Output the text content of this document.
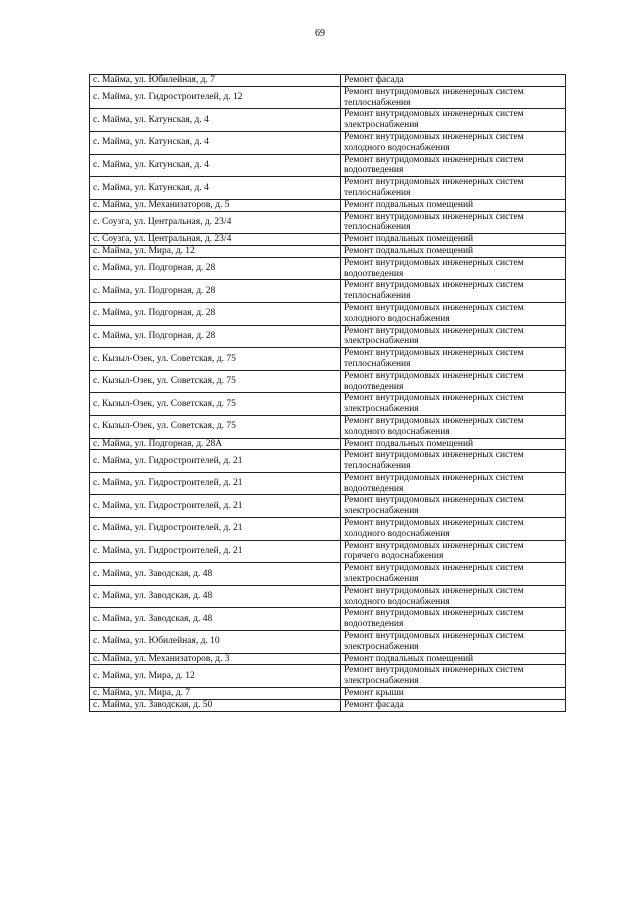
69
с. Майма, ул. Юбилейная, д. 7	Ремонт фасада

с. Майма, ул. Гидростроителей, д. 12	Ремонт внутридомовых инженерных систем
теплоснабжения

с. Майма, ул. Катунская, д. 4	Ремонт внутридомовых инженерных систем
электроснабжения

с. Майма, ул. Катунская, д. 4	Ремонт внутридомовых инженерных систем
холодного водоснабжения

с. Майма, ул. Катунская, д. 4	Ремонт внутридомовых инженерных систем
водоотведения

с. Майма, ул. Катунская, д. 4	Ремонт внутридомовых инженерных систем
теплоснабжения

с. Майма, ул. Механизаторов, д. 5	Ремонт подвальных помещений

с. Соузга, ул. Центральная, д. 23/4	Ремонт внутридомовых инженерных систем
теплоснабжения

с. Соузга, ул. Центральная, д. 23/4	Ремонт подвальных помещений

с. Майма, ул. Мира, д. 12	Ремонт подвальных помещений

с. Майма, ул. Подгорная, д. 28	Ремонт внутридомовых инженерных систем
водоотведения

с. Майма, ул. Подгорная, д. 28	Ремонт внутридомовых инженерных систем
теплоснабжения

с. Майма, ул. Подгорная, д. 28	Ремонт внутридомовых инженерных систем
холодного водоснабжения

с. Майма, ул. Подгорная, д. 28	Ремонт внутридомовых инженерных систем
электроснабжения

с. Кызыл-Озек, ул. Советская, д. 75	Ремонт внутридомовых инженерных систем
теплоснабжения

с. Кызыл-Озек, ул. Советская, д. 75	Ремонт внутридомовых инженерных систем
водоотведения

с. Кызыл-Озек, ул. Советская, д. 75	Ремонт внутридомовых инженерных систем
электроснабжения

с. Кызыл-Озек, ул. Советская, д. 75	Ремонт внутридомовых инженерных систем
холодного водоснабжения

с. Майма, ул. Подгорная, д. 28А	Ремонт подвальных помещений

с. Майма, ул. Гидростроителей, д. 21	Ремонт внутридомовых инженерных систем
теплоснабжения

с. Майма, ул. Гидростроителей, д. 21	Ремонт внутридомовых инженерных систем
водоотведения

с. Майма, ул. Гидростроителей, д. 21	Ремонт внутридомовых инженерных систем
электроснабжения

с. Майма, ул. Гидростроителей, д. 21	Ремонт внутридомовых инженерных систем
холодного водоснабжения

с. Майма, ул. Гидростроителей, д. 21	Ремонт внутридомовых инженерных систем
горячего водоснабжения

с. Майма, ул. Заводская, д. 48	Ремонт внутридомовых инженерных систем
электроснабжения

с. Майма, ул. Заводская, д. 48	Ремонт внутридомовых инженерных систем
холодного водоснабжения

с. Майма, ул. Заводская, д. 48	Ремонт внутридомовых инженерных систем
водоотведения

с. Майма, ул. Юбилейная, д. 10	Ремонт внутридомовых инженерных систем
электроснабжения

с. Майма, ул. Механизаторов, д. 3	Ремонт подвальных помещений

с. Майма, ул. Мира, д. 12	Ремонт внутридомовых инженерных систем
электроснабжения

с. Майма, ул. Мира, д. 7	Ремонт крыши

с. Майма, ул. Заводская, д. 50	Ремонт фасада
